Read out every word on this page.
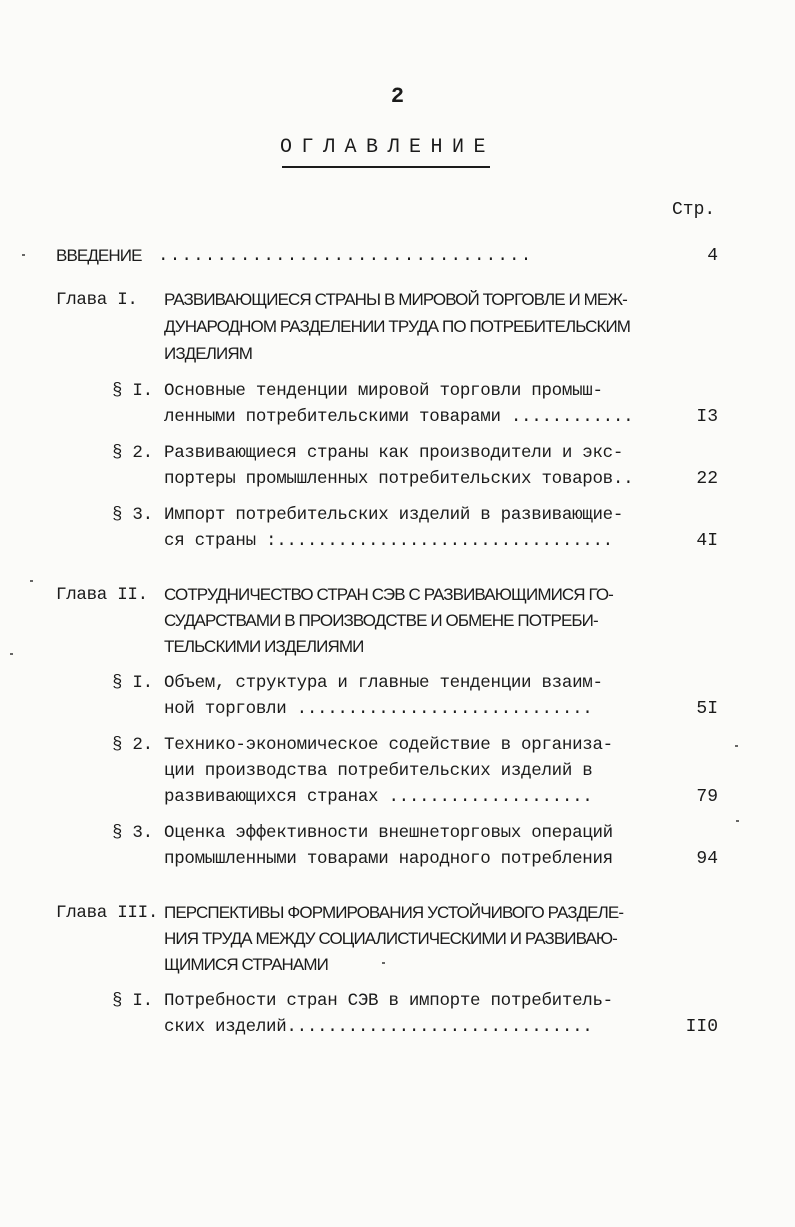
2
ОГЛАВЛЕНИЕ
Стр.
ВВЕДЕНИЕ ................................	4
Глава I. РАЗВИВАЮЩИЕСЯ СТРАНЫ В МИРОВОЙ ТОРГОВЛЕ И МЕЖ-
ДУНАРОДНОМ РАЗДЕЛЕНИИ ТРУДА ПО ПОТРЕБИТЕЛЬСКИМ
ИЗДЕЛИЯМ
§ I. Основные тенденции мировой торговли промыш-
ленными потребительскими товарами ............	I3
§ 2. Развивающиеся страны как производители и экс-
портеры промышленных потребительских товаров..	22
§ 3. Импорт потребительских изделий в развивающие-
ся страны :.................................	4I
Глава II. СОТРУДНИЧЕСТВО СТРАН СЭВ С РАЗВИВАЮЩИМИСЯ ГО-
СУДАРСТВАМИ В ПРОИЗВОДСТВЕ И ОБМЕНЕ ПОТРЕБИ-
ТЕЛЬСКИМИ ИЗДЕЛИЯМИ
§ I. Объем, структура и главные тенденции взаим-
ной торговли .............................	5I
§ 2. Технико-экономическое содействие в организа-
ции производства потребительских изделий в
развивающихся странах ....................	79
§ 3. Оценка эффективности внешнеторговых операций
промышленными товарами народного потребления	94
Глава III. ПЕРСПЕКТИВЫ ФОРМИРОВАНИЯ УСТОЙЧИВОГО РАЗДЕЛЕ-
НИЯ ТРУДА МЕЖДУ СОЦИАЛИСТИЧЕСКИМИ И РАЗВИВАЮ-
ЩИМИСЯ СТРАНАМИ
§ I. Потребности стран СЭВ в импорте потребитель-
ских изделий..............................	II0
